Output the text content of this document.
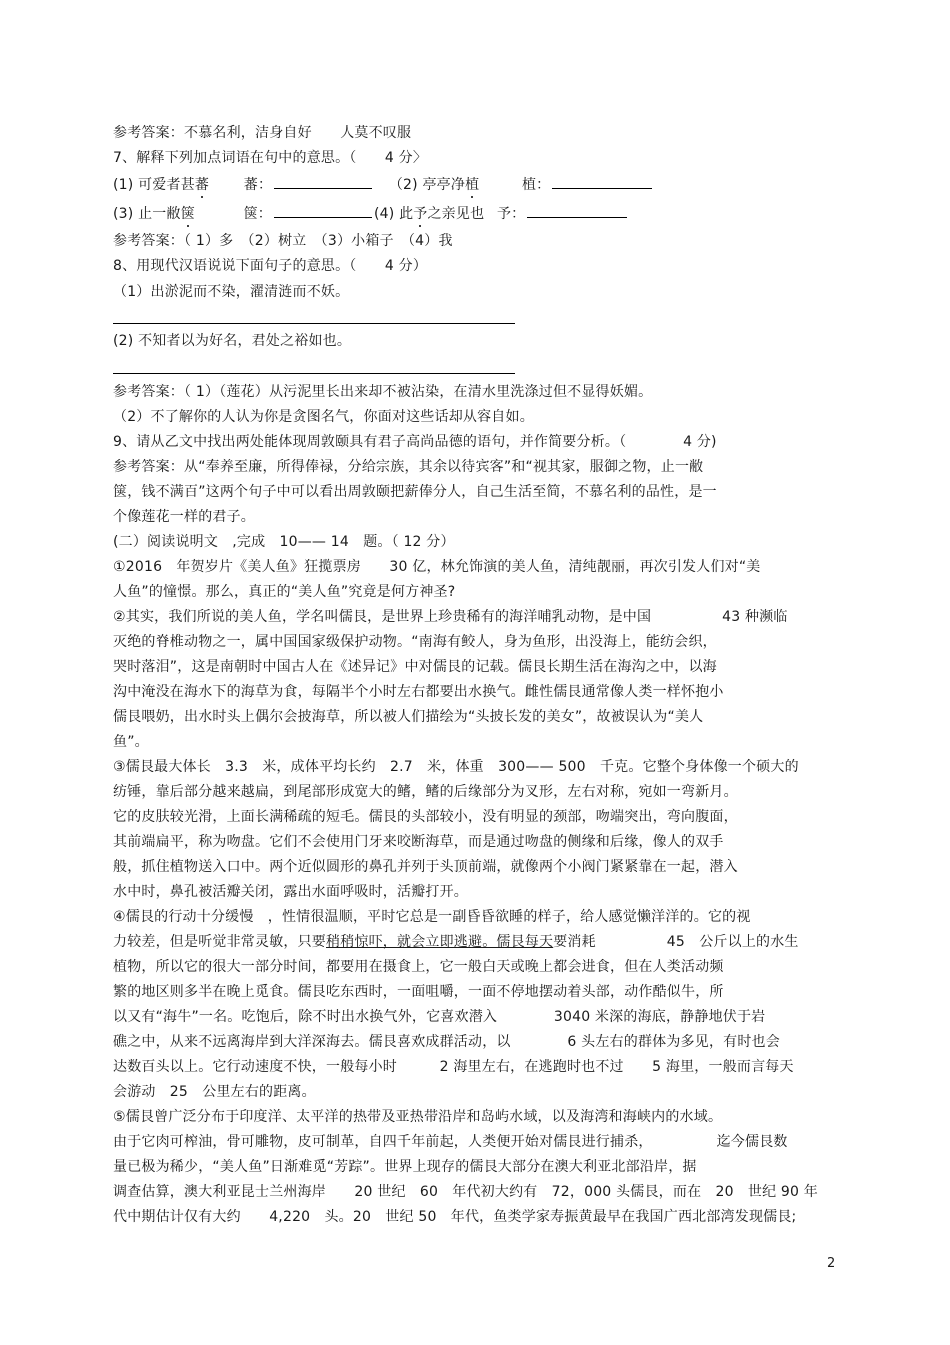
参考答案：不慕名利，洁身自好　　人莫不叹服
7、解释下列加点词语在句中的意思。（　　4 分〉
(1) 可爱者甚蕃 蕃：	（2) 亭亭净植	植：
(3) 止一敝箧	箧：	(4) 此予之亲见也 予：
参考答案：（ 1）多　（2）树立　（3）小箱子　（4）我
8、用现代汉语说说下面句子的意思。（　　4 分）
（1）出淤泥而不染，濯清涟而不妖。
(2) 不知者以为好名，君处之裕如也。
参考答案：（ 1）（莲花）从污泥里长出来却不被沾染，在清水里洗涤过但不显得妖媚。
（2）不了解你的人认为你是贪图名气，你面对这些话却从容自如。
9、请从乙文中找出两处能体现周敦颐具有君子高尚品德的语句，并作简要分析。（　　　　4 分)
参考答案：从“奉养至廉，所得俸禄，分给宗族，其余以待宾客”和“视其家，服御之物，止一敝
箧，钱不满百”这两个句子中可以看出周敦颐把薪俸分人，自己生活至简，不慕名利的品性，是一
个像莲花一样的君子。
(二）阅读说明文　,完成　10—— 14　题。（ 12 分）
①2016　年贺岁片《美人鱼》狂揽票房　　30 亿，林允饰演的美人鱼，清纯靓丽，再次引发人们对“美
人鱼”的憧憬。那么，真正的“美人鱼”究竟是何方神圣?
②其实，我们所说的美人鱼，学名叫儒艮，是世界上珍贵稀有的海洋哺乳动物，是中国　　　　　43 种濒临
灭绝的脊椎动物之一，属中国国家级保护动物。“南海有鲛人，身为鱼形，出没海上，能纺会织，
哭时落泪”，这是南朝时中国古人在《述异记》中对儒艮的记载。儒艮长期生活在海沟之中，以海
沟中淹没在海水下的海草为食，每隔半个小时左右都要出水换气。雌性儒艮通常像人类一样怀抱小
儒艮喂奶，出水时头上偶尔会披海草，所以被人们描绘为“头披长发的美女”，故被误认为“美人
鱼”。
③儒艮最大体长　3.3　米，成体平均长约　2.7　米，体重　300—— 500　千克。它整个身体像一个硕大的
纺锤，靠后部分越来越扁，到尾部形成宽大的鳍，鳍的后缘部分为叉形，左右对称，宛如一弯新月。
它的皮肤较光滑，上面长满稀疏的短毛。儒艮的头部较小，没有明显的颈部，吻端突出，弯向腹面，
其前端扁平，称为吻盘。它们不会使用门牙来咬断海草，而是通过吻盘的侧缘和后缘，像人的双手
般，抓住植物送入口中。两个近似圆形的鼻孔并列于头顶前端，就像两个小阀门紧紧靠在一起，潜入
水中时，鼻孔被活瓣关闭，露出水面呼吸时，活瓣打开。
④儒艮的行动十分缓慢　，性情很温顺，平时它总是一副昏昏欲睡的样子，给人感觉懒洋洋的。它的视
力较差，但是听觉非常灵敏，只要稍稍惊吓，就会立即逃避。儒艮每天要消耗　　　　　45　公斤以上的水生
植物，所以它的很大一部分时间，都要用在摄食上，它一般白天或晚上都会进食，但在人类活动频
繁的地区则多半在晚上觅食。儒艮吃东西时，一面咀嚼，一面不停地摆动着头部，动作酷似牛，所
以又有“海牛”一名。吃饱后，除不时出水换气外，它喜欢潜入　　　　3040 米深的海底，静静地伏于岩
礁之中，从来不远离海岸到大洋深海去。儒艮喜欢成群活动，以　　　　6 头左右的群体为多见，有时也会
达数百头以上。它行动速度不快，一般每小时　　　2 海里左右，在逃跑时也不过　　5 海里，一般而言每天
会游动　25　公里左右的距离。
⑤儒艮曾广泛分布于印度洋、太平洋的热带及亚热带沿岸和岛屿水域，以及海湾和海峡内的水域。
由于它肉可榨油，骨可雕物，皮可制革，自四千年前起，人类便开始对儒艮进行捕杀，　　　　　迄今儒艮数
量已极为稀少，“美人鱼”日渐难觅“芳踪”。世界上现存的儒艮大部分在澳大利亚北部沿岸，据
调查估算，澳大利亚昆士兰州海岸　　20 世纪　60　年代初大约有　72，000 头儒艮，而在　20　世纪 90 年
代中期估计仅有大约　　4,220　头。20　世纪 50　年代，鱼类学家寿振黄最早在我国广西北部湾发现儒艮;
2
